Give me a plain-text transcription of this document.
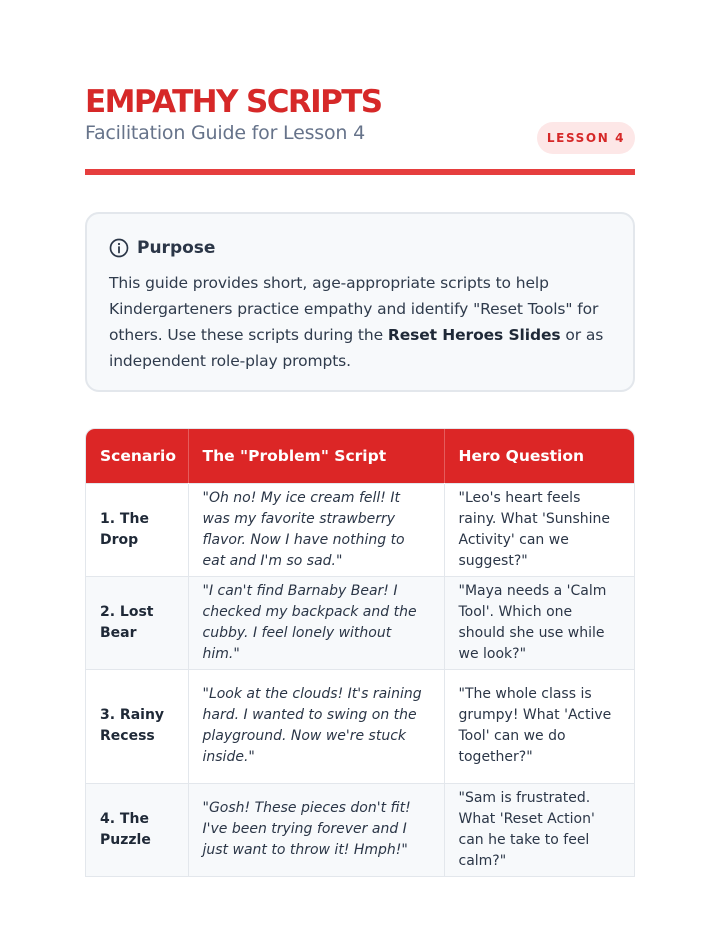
EMPATHY SCRIPTS
Facilitation Guide for Lesson 4	LESSON 4
Purpose

This guide provides short, age-appropriate scripts to help Kindergarteners practice empathy and identify "Reset Tools" for others. Use these scripts during the Reset Heroes Slides or as independent role-play prompts.

Scenario	The "Problem" Script	Hero Question
1. The Drop	"Oh no! My ice cream fell! It was my favorite strawberry flavor. Now I have nothing to eat and I'm so sad."	"Leo's heart feels rainy. What 'Sunshine Activity' can we suggest?"
2. Lost Bear	"I can't find Barnaby Bear! I checked my backpack and the cubby. I feel lonely without him."	"Maya needs a 'Calm Tool'. Which one should she use while we look?"
3. Rainy Recess	"Look at the clouds! It's raining hard. I wanted to swing on the playground. Now we're stuck inside."	"The whole class is grumpy! What 'Active Tool' can we do together?"
4. The Puzzle	"Gosh! These pieces don't fit! I've been trying forever and I just want to throw it! Hmph!"	"Sam is frustrated. What 'Reset Action' can he take to feel calm?"
